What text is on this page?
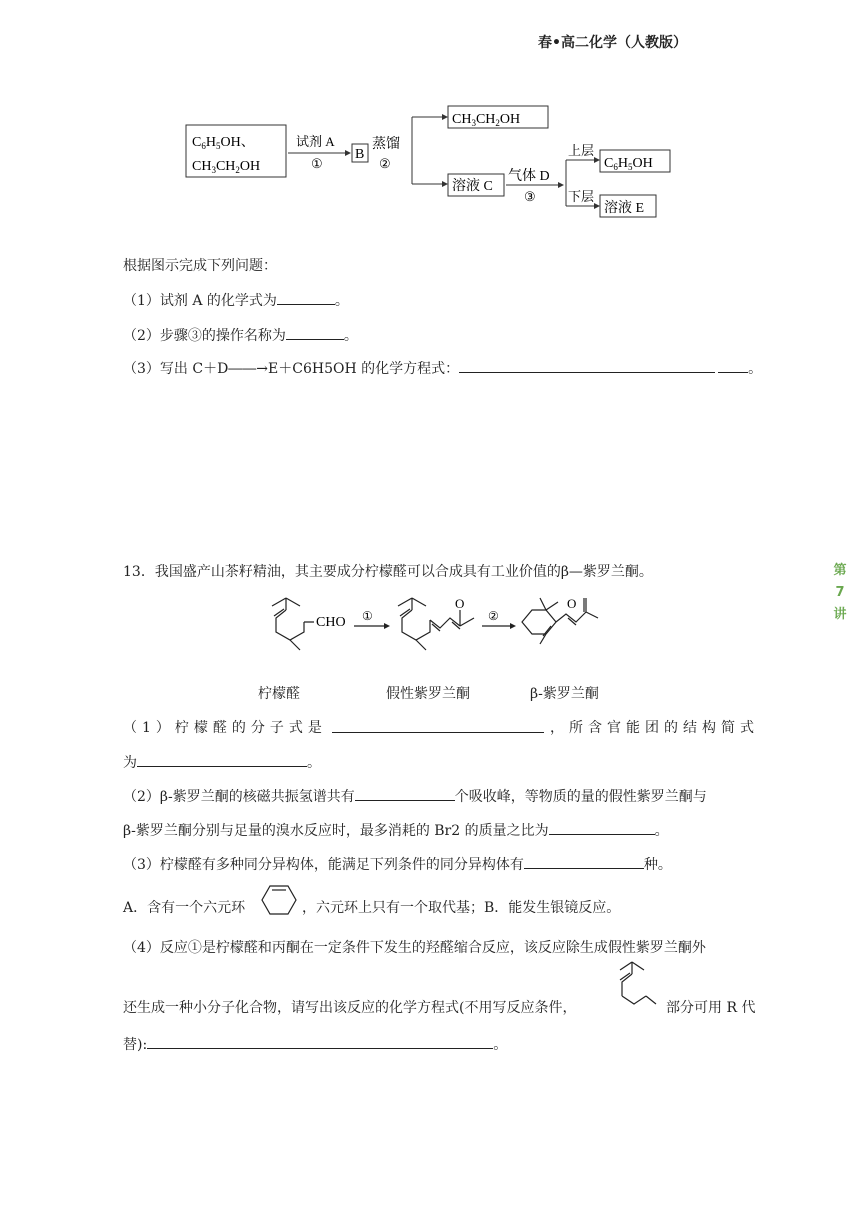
春•高二化学（人教版）
第
7
讲
$C_6H_5OH$、
$CH_3CH_2OH$
试剂 A
①
B
蒸馏
②
$CH_3CH_2OH$
溶液 C
气体 D
③
上层
下层
$C_6H_5OH$
溶液 E
根据图示完成下列问题：
（1）试剂 A 的化学式为	。
（2）步骤③的操作名称为	。
（3）写出 C＋D――→E＋C6H5OH 的化学方程式：	。
13．我国盛产山茶籽精油，其主要成分柠檬醛可以合成具有工业价值的β—紫罗兰酮。
CHO ①	②
O	O
柠檬醛	假性紫罗兰酮	β-紫罗兰酮
（1）柠檬醛的分子式是	，所含官能团的结构简式
为	。
（2）β-紫罗兰酮的核磁共振氢谱共有	个吸收峰，等物质的量的假性紫罗兰酮与
β-紫罗兰酮分别与足量的溴水反应时，最多消耗的 Br2 的质量之比为	。
（3）柠檬醛有多种同分异构体，能满足下列条件的同分异构体有	种。
A．含有一个六元环	，六元环上只有一个取代基；B．能发生银镜反应。
（4）反应①是柠檬醛和丙酮在一定条件下发生的羟醛缩合反应，该反应除生成假性紫罗兰酮外
还生成一种小分子化合物，请写出该反应的化学方程式(不用写反应条件，	部分可用 R 代
替):	。
